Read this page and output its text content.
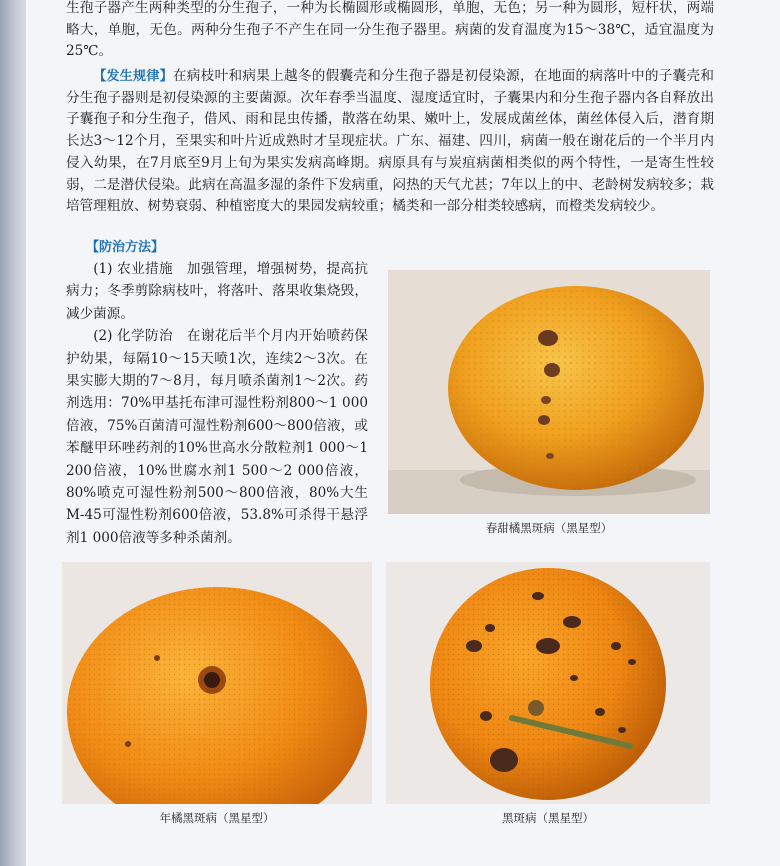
生孢子器产生两种类型的分生孢子，一种为长椭圆形或椭圆形，单胞，无色；另一种为圆形，短杆状，两端略大，单胞，无色。两种分生孢子不产生在同一分生孢子器里。病菌的发育温度为15～38℃，适宜温度为25℃。

【发生规律】在病枝叶和病果上越冬的假囊壳和分生孢子器是初侵染源，在地面的病落叶中的子囊壳和分生孢子器则是初侵染源的主要菌源。次年春季当温度、湿度适宜时，子囊果内和分生孢子器内各自释放出子囊孢子和分生孢子，借风、雨和昆虫传播，散落在幼果、嫩叶上，发展成菌丝体，菌丝体侵入后，潜育期长达3～12个月，至果实和叶片近成熟时才呈现症状。广东、福建、四川，病菌一般在谢花后的一个半月内侵入幼果，在7月底至9月上旬为果实发病高峰期。病原具有与炭疽病菌相类似的两个特性，一是寄生性较弱，二是潜伏侵染。此病在高温多湿的条件下发病重，闷热的天气尤甚；7年以上的中、老龄树发病较多；栽培管理粗放、树势衰弱、种植密度大的果园发病较重；橘类和一部分柑类较感病，而橙类发病较少。

【防治方法】

(1) 农业措施　加强管理，增强树势，提高抗病力；冬季剪除病枝叶，将落叶、落果收集烧毁，减少菌源。

(2) 化学防治　在谢花后半个月内开始喷药保护幼果，每隔10～15天喷1次，连续2～3次。在果实膨大期的7～8月，每月喷杀菌剂1～2次。药剂选用：70%甲基托布津可湿性粉剂800～1 000倍液，75%百菌清可湿性粉剂600～800倍液，或苯醚甲环唑药剂的10%世高水分散粒剂1 000～1 200倍液，10%世腐水剂1 500～2 000倍液，80%喷克可湿性粉剂500～800倍液，80%大生M-45可湿性粉剂600倍液，53.8%可杀得干悬浮剂1 000倍液等多种杀菌剂。

春甜橘黑斑病（黑星型）
年橘黑斑病（黑星型）	黑斑病（黑星型）
